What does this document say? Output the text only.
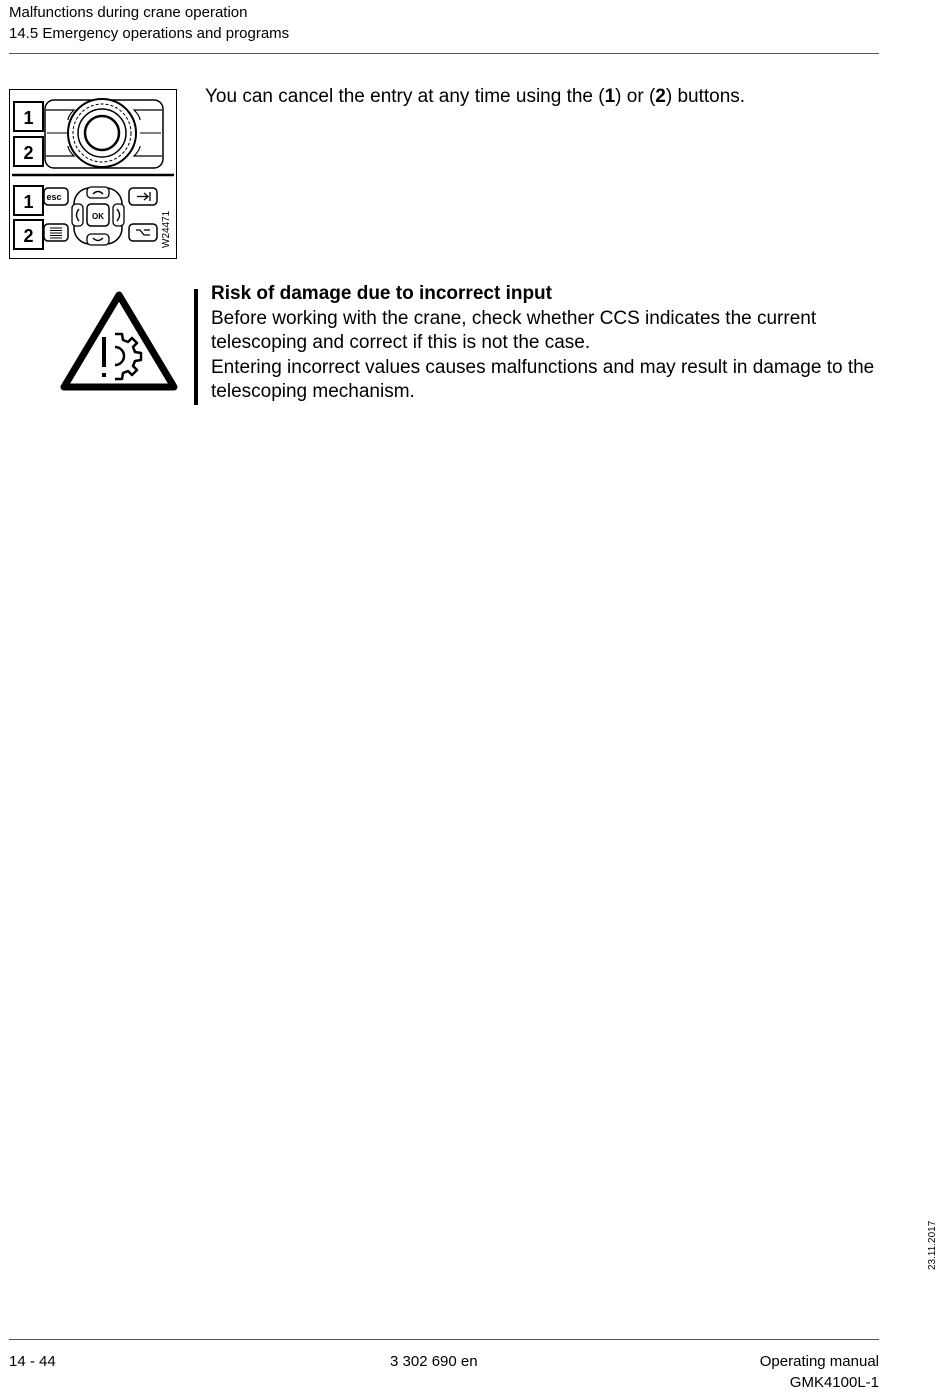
Malfunctions during crane operation
14.5 Emergency operations and programs
1
2
1
2
esc
OK	W24471
You can cancel the entry at any time using the (1) or (2) buttons.
Risk of damage due to incorrect input
Before working with the crane, check whether CCS indicates the current telescoping and correct if this is not the case.
Entering incorrect values causes malfunctions and may result in damage to the telescoping mechanism.
23.11.2017
14 - 44	3 302 690 en	Operating manual
GMK4100L-1
